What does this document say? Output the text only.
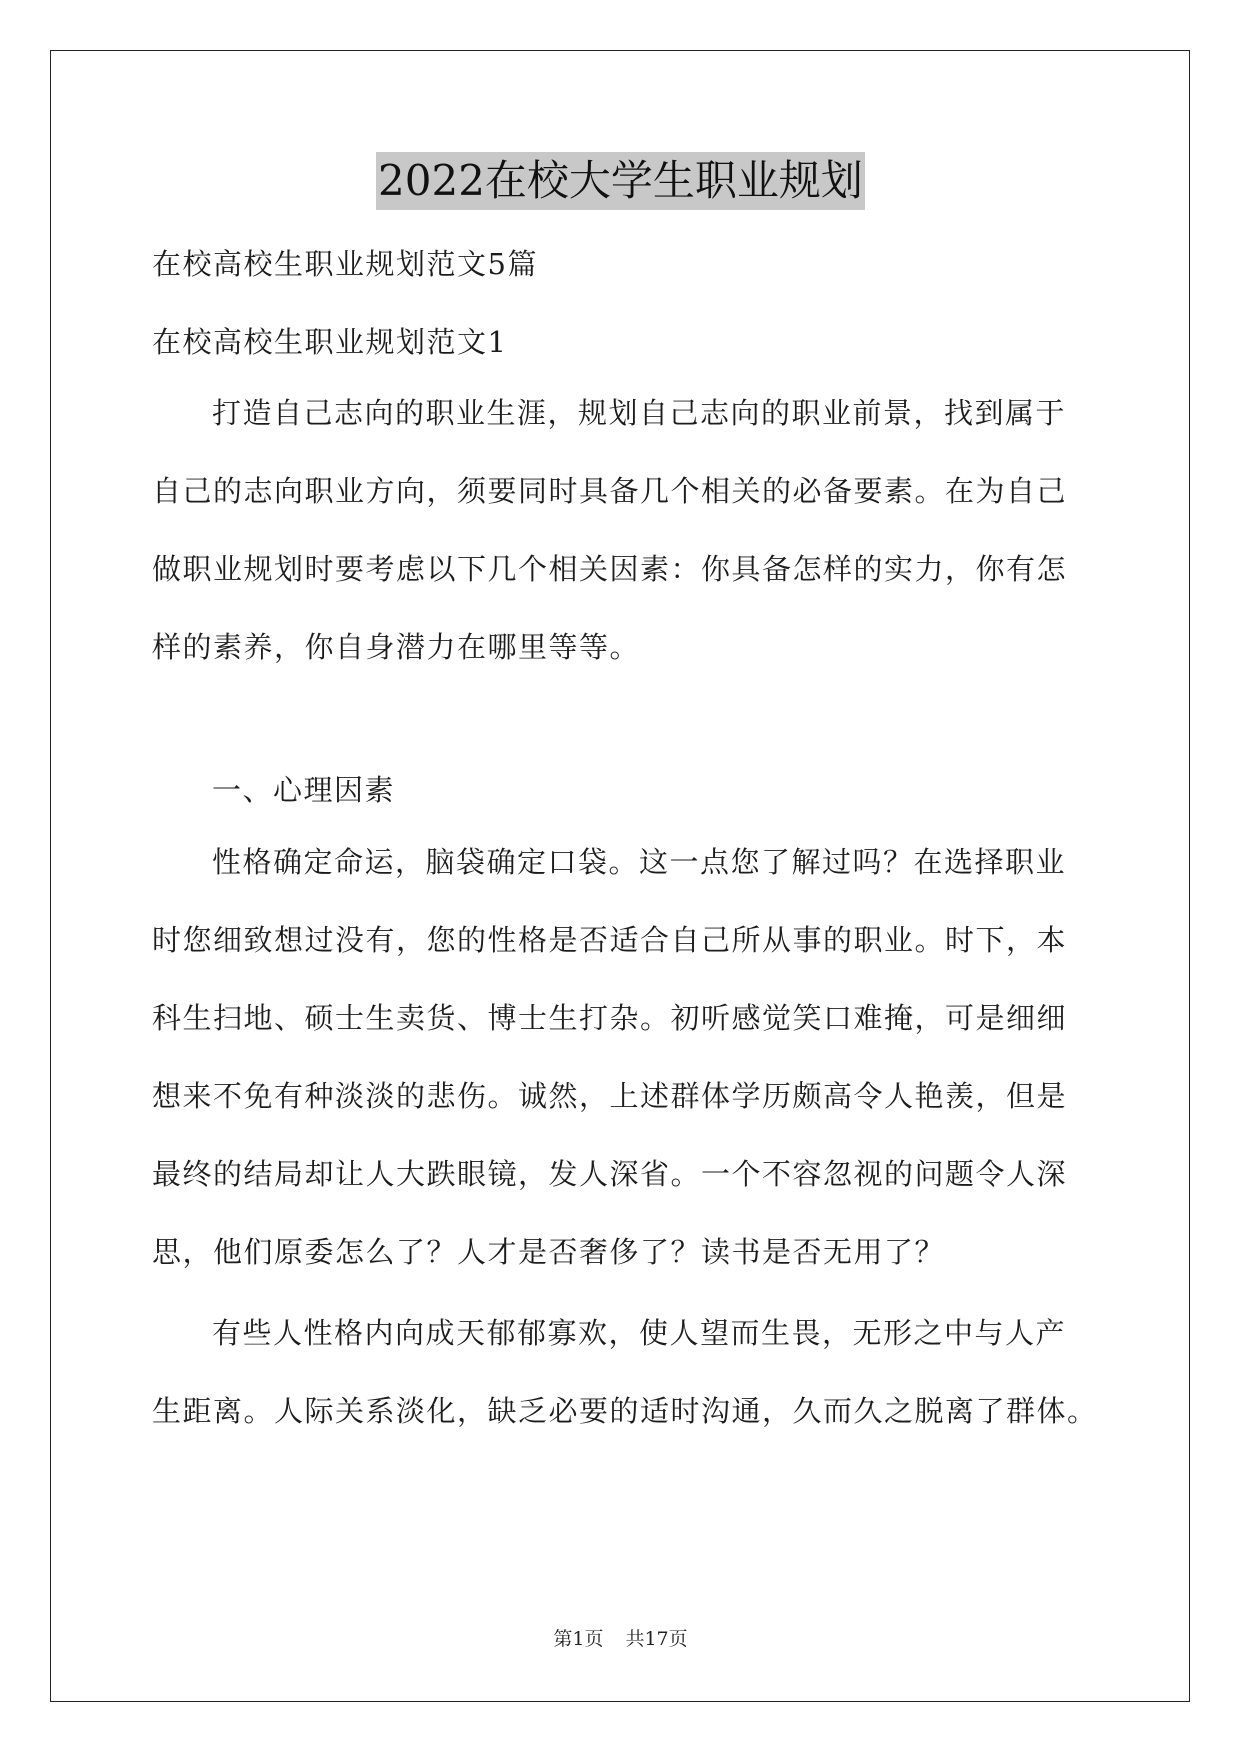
2022在校大学生职业规划
在校高校生职业规划范文5篇
在校高校生职业规划范文1
打造自己志向的职业生涯，规划自己志向的职业前景，找到属于
自己的志向职业方向，须要同时具备几个相关的必备要素。在为自己
做职业规划时要考虑以下几个相关因素：你具备怎样的实力，你有怎
样的素养，你自身潜力在哪里等等。
一、心理因素
性格确定命运，脑袋确定口袋。这一点您了解过吗？在选择职业
时您细致想过没有，您的性格是否适合自己所从事的职业。时下，本
科生扫地、硕士生卖货、博士生打杂。初听感觉笑口难掩，可是细细
想来不免有种淡淡的悲伤。诚然，上述群体学历颇高令人艳羡，但是
最终的结局却让人大跌眼镜，发人深省。一个不容忽视的问题令人深
思，他们原委怎么了？人才是否奢侈了？读书是否无用了？
有些人性格内向成天郁郁寡欢，使人望而生畏，无形之中与人产
生距离。人际关系淡化，缺乏必要的适时沟通，久而久之脱离了群体。
第1页 共17页
